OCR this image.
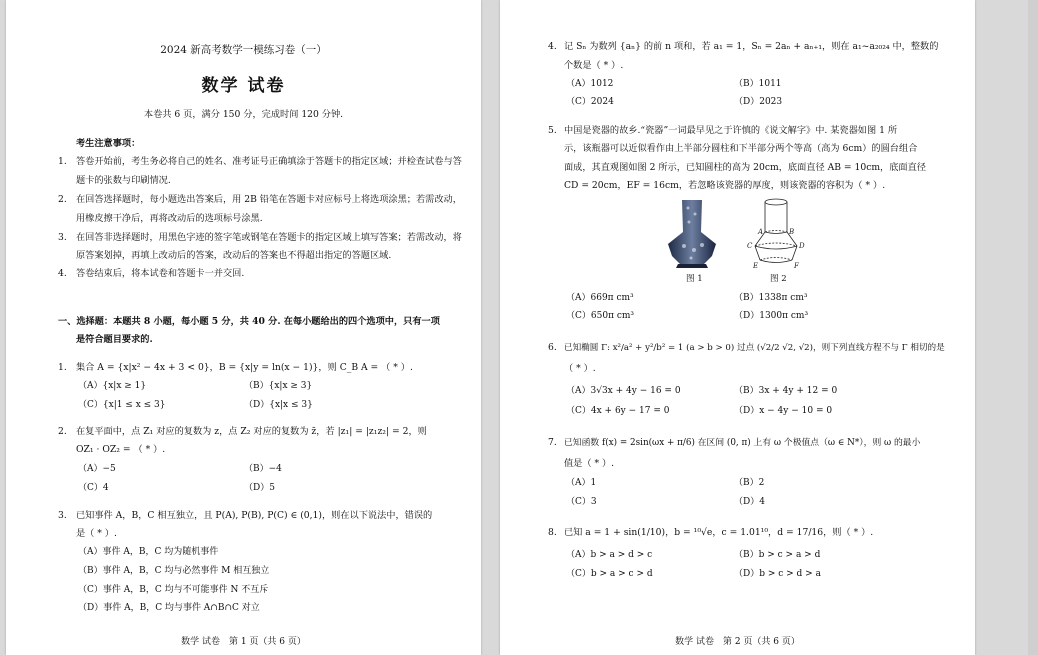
2024 新高考数学一模练习卷（一）
数学 试卷
本卷共 6 页，满分 150 分，完成时间 120 分钟.
考生注意事项：
1. 答卷开始前，考生务必将自己的姓名、准考证号正确填涂于答题卡的指定区域；并检查试卷与答
题卡的张数与印刷情况.
2. 在回答选择题时，每小题选出答案后，用 2B 铅笔在答题卡对应标号上将选项涂黑；若需改动，
用橡皮擦干净后，再将改动后的选项标号涂黑.
3. 在回答非选择题时，用黑色字迹的签字笔或钢笔在答题卡的指定区域上填写答案；若需改动，将
原答案划掉，再填上改动后的答案，改动后的答案也不得超出指定的答题区域.
4. 答卷结束后，将本试卷和答题卡一并交回.
一、选择题：本题共 8 小题，每小题 5 分，共 40 分. 在每小题给出的四个选项中，只有一项
是符合题目要求的.
1. 集合 A = {x|x² − 4x + 3 < 0}，B = {x|y = ln(x − 1)}，则 C_B A = （ * ）.
（A）{x|x ≥ 1}	（B）{x|x ≥ 3}
（C）{x|1 ≤ x ≤ 3}	（D）{x|x ≤ 3}
2. 在复平面中，点 Z₁ 对应的复数为 z，点 Z₂ 对应的复数为 z̄，若 |z₁| = |z₁z₂| = 2，则
OZ₁ · OZ₂ = （ * ）.
（A）−5	（B）−4
（C）4	（D）5
3. 已知事件 A，B，C 相互独立，且 P(A), P(B), P(C) ∈ (0,1)，则在以下说法中，错误的
是（ * ）.
（A）事件 A，B，C 均为随机事件
（B）事件 A，B，C 均与必然事件 M 相互独立
（C）事件 A，B，C 均与不可能事件 N 不互斥
（D）事件 A，B，C 均与事件 A∩B∩C 对立
数学 试卷　第 1 页（共 6 页）
4. 记 Sₙ 为数列 {aₙ} 的前 n 项和，若 a₁ = 1，Sₙ = 2aₙ + aₙ₊₁，则在 a₁~a₂₀₂₄ 中，整数的
个数是（ * ）.
（A）1012	（B）1011
（C）2024	（D）2023
5. 中国是瓷器的故乡.“瓷器”一词最早见之于许慎的《说文解字》中. 某瓷器如图 1 所
示，该瓶器可以近似看作由上半部分圆柱和下半部分两个等高（高为 6cm）的圆台组合
面成，其直观图如图 2 所示，已知圆柱的高为 20cm，底面直径 AB = 10cm，底面直径
CD = 20cm，EF = 16cm，若忽略该瓷器的厚度，则该瓷器的容积为（ * ）.
A	B
C	D
E	F
图 1	图 2
（A）669π cm³	（B）1338π cm³
（C）650π cm³	（D）1300π cm³
6. 已知椭圆 Γ: x²/a² + y²/b² = 1 (a > b > 0) 过点 (√2/2 √2, √2)，则下列直线方程不与 Γ 相切的是
（ * ）.
（A）3√3x + 4y − 16 = 0	（B）3x + 4y + 12 = 0
（C）4x + 6y − 17 = 0	（D）x − 4y − 10 = 0
7. 已知函数 f(x) = 2sin(ωx + π/6) 在区间 (0, π) 上有 ω 个极值点（ω ∈ N*），则 ω 的最小
值是（ * ）.
（A）1	（B）2
（C）3	（D）4
8. 已知 a = 1 + sin(1/10)，b = ¹⁰√e，c = 1.01¹⁰，d = 17/16，则（ * ）.
（A）b > a > d > c	（B）b > c > a > d
（C）b > a > c > d	（D）b > c > d > a
数学 试卷　第 2 页（共 6 页）
